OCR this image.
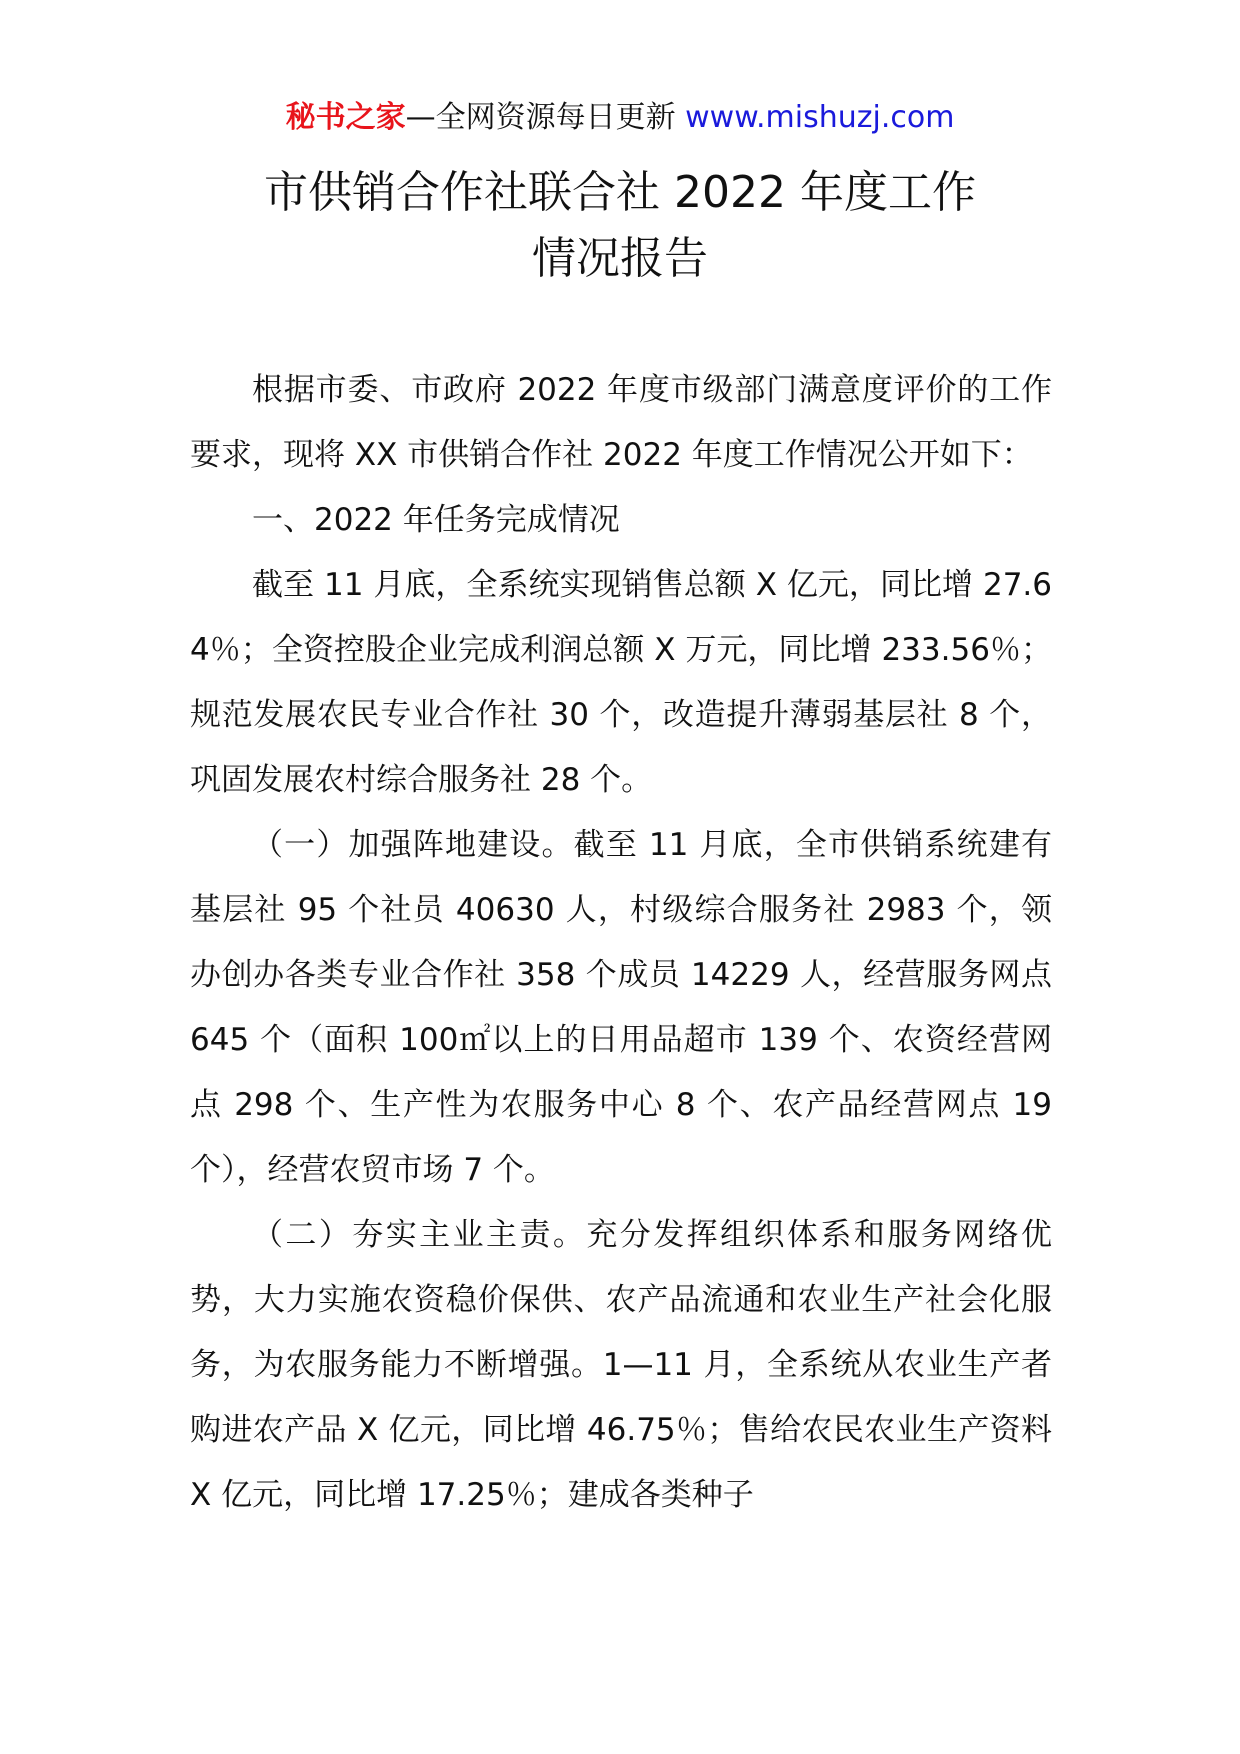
秘书之家—全网资源每日更新 www.mishuzj.com
市供销合作社联合社 2022 年度工作
情况报告

根据市委、市政府 2022 年度市级部门满意度评价的工作要求，现将 XX 市供销合作社 2022 年度工作情况公开如下：

一、2022 年任务完成情况

截至 11 月底，全系统实现销售总额 X 亿元，同比增 27.64％；全资控股企业完成利润总额 X 万元，同比增 233.56％；规范发展农民专业合作社 30 个，改造提升薄弱基层社 8 个，巩固发展农村综合服务社 28 个。

（一）加强阵地建设。截至 11 月底，全市供销系统建有基层社 95 个社员 40630 人，村级综合服务社 2983 个，领办创办各类专业合作社 358 个成员 14229 人，经营服务网点 645 个（面积 100㎡以上的日用品超市 139 个、农资经营网点 298 个、生产性为农服务中心 8 个、农产品经营网点 19 个），经营农贸市场 7 个。

（二）夯实主业主责。充分发挥组织体系和服务网络优势，大力实施农资稳价保供、农产品流通和农业生产社会化服务，为农服务能力不断增强。1—11 月，全系统从农业生产者购进农产品 X 亿元，同比增 46.75％；售给农民农业生产资料 X 亿元，同比增 17.25％；建成各类种子
